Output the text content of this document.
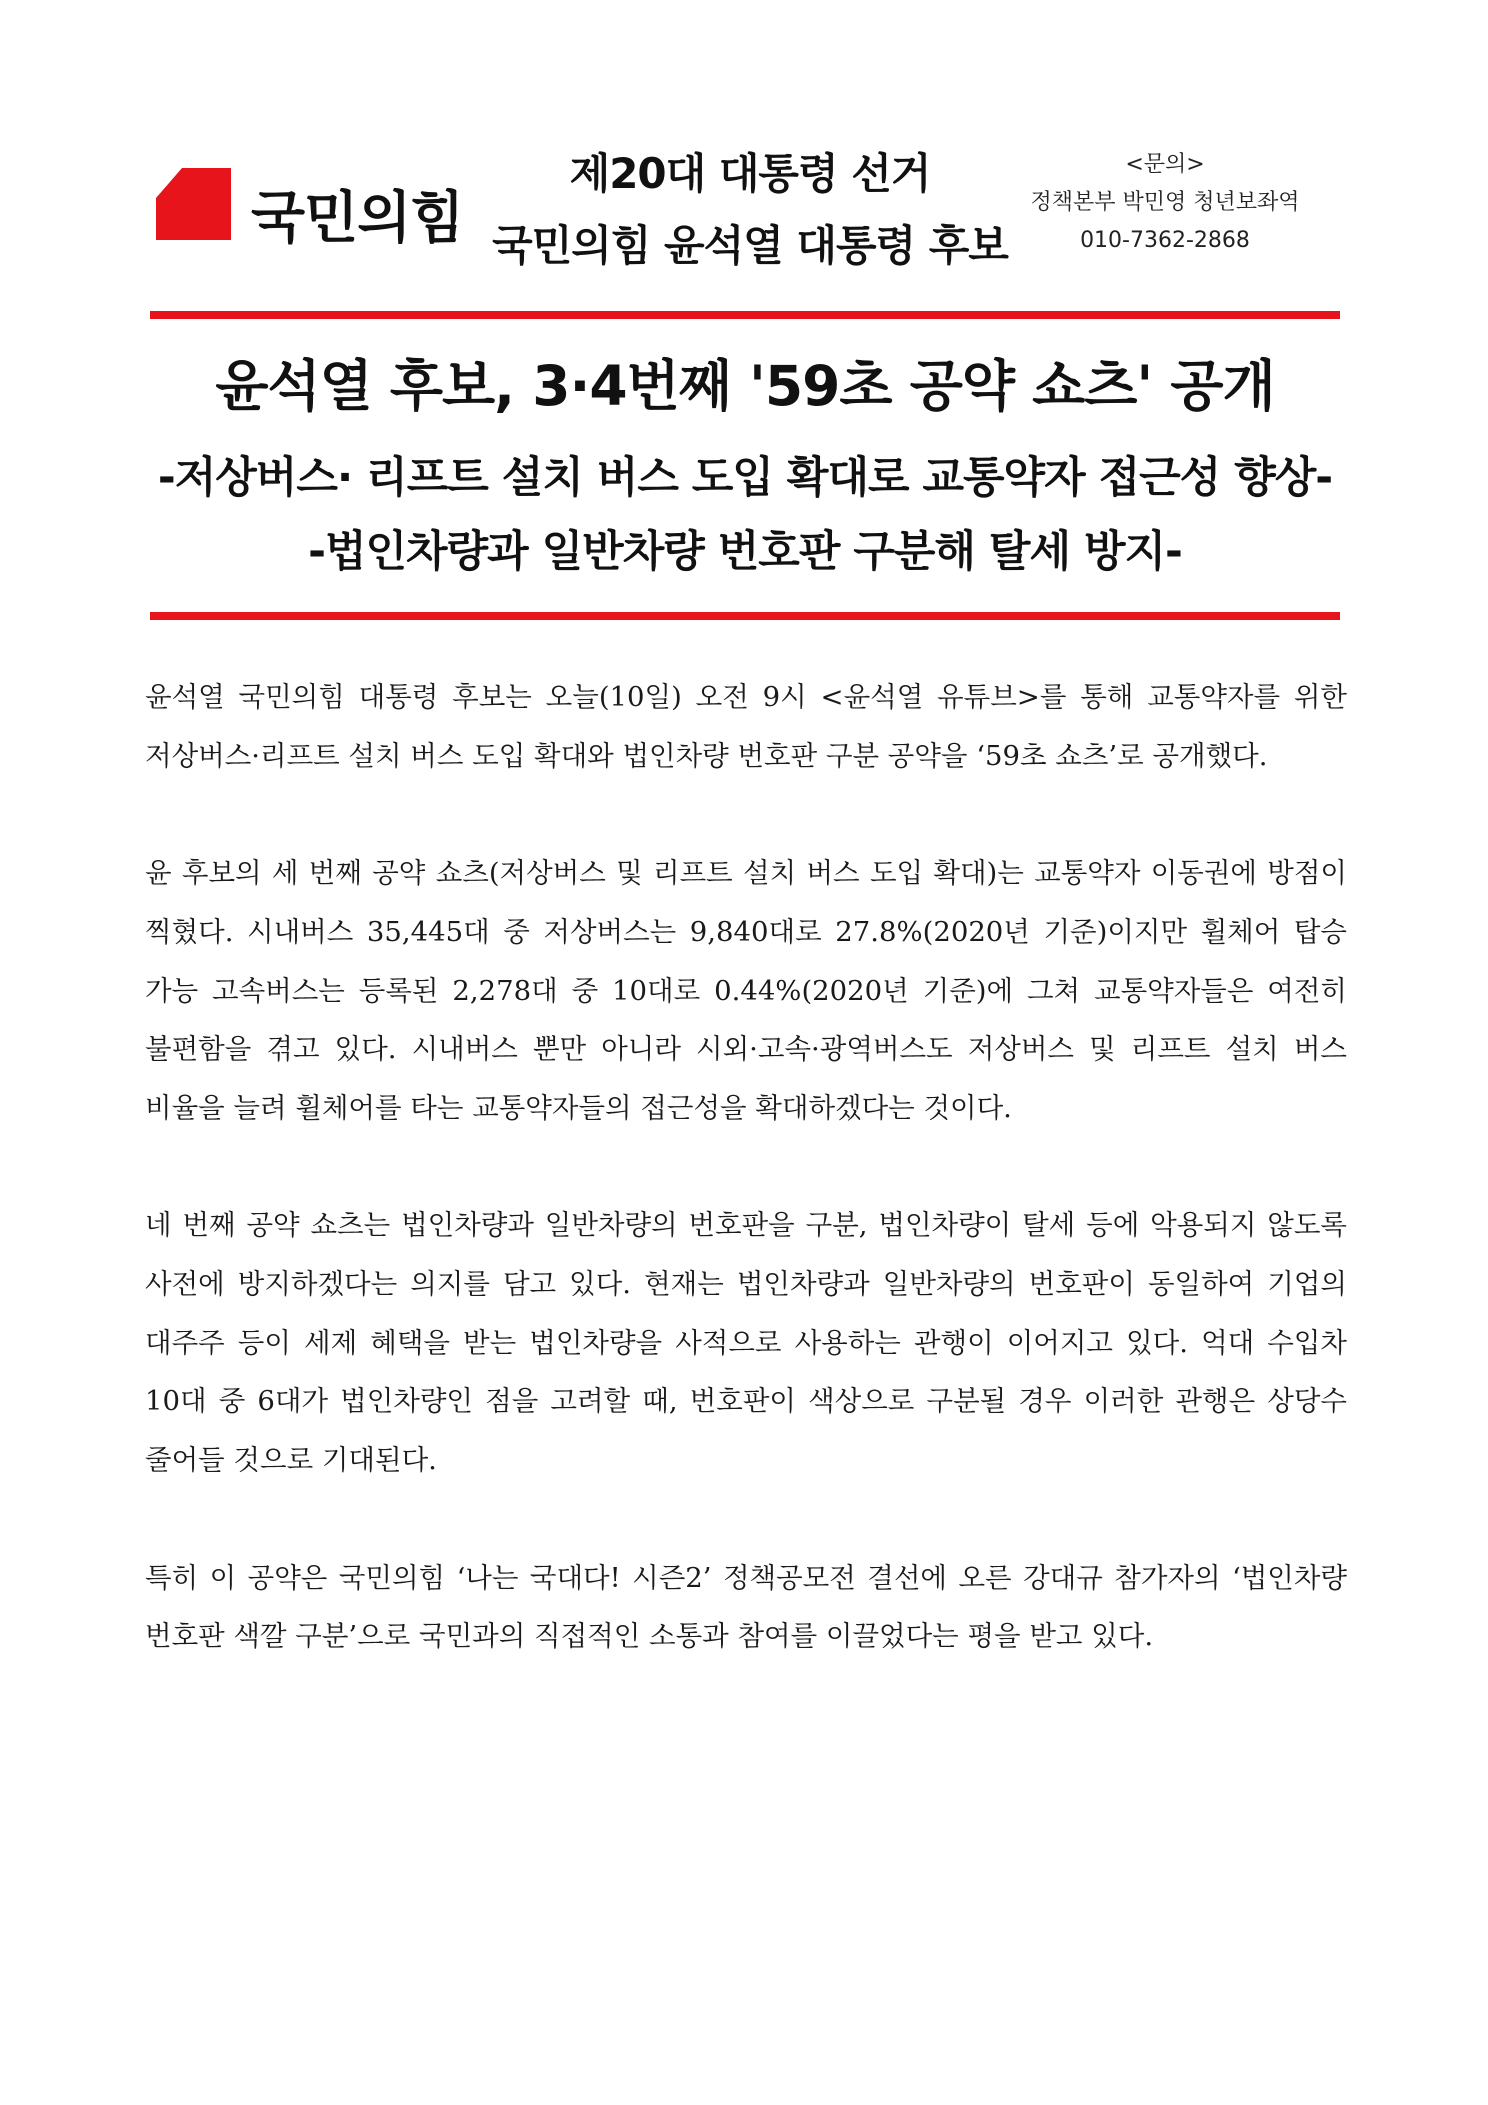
국민의힘
제20대 대통령 선거
국민의힘 윤석열 대통령 후보
<문의>
정책본부 박민영 청년보좌역
010-7362-2868
윤석열 후보, 3·4번째 '59초 공약 쇼츠' 공개
-저상버스· 리프트 설치 버스 도입 확대로 교통약자 접근성 향상-
-법인차량과 일반차량 번호판 구분해 탈세 방지-

윤석열 국민의힘 대통령 후보는 오늘(10일) 오전 9시 <윤석열 유튜브>를 통해 교통약자를 위한 저상버스·리프트 설치 버스 도입 확대와 법인차량 번호판 구분 공약을 ‘59초 쇼츠’로 공개했다.

윤 후보의 세 번째 공약 쇼츠(저상버스 및 리프트 설치 버스 도입 확대)는 교통약자 이동권에 방점이 찍혔다. 시내버스 35,445대 중 저상버스는 9,840대로 27.8%(2020년 기준)이지만 휠체어 탑승 가능 고속버스는 등록된 2,278대 중 10대로 0.44%(2020년 기준)에 그쳐 교통약자들은 여전히 불편함을 겪고 있다. 시내버스 뿐만 아니라 시외·고속·광역버스도 저상버스 및 리프트 설치 버스 비율을 늘려 휠체어를 타는 교통약자들의 접근성을 확대하겠다는 것이다.

네 번째 공약 쇼츠는 법인차량과 일반차량의 번호판을 구분, 법인차량이 탈세 등에 악용되지 않도록 사전에 방지하겠다는 의지를 담고 있다. 현재는 법인차량과 일반차량의 번호판이 동일하여 기업의 대주주 등이 세제 혜택을 받는 법인차량을 사적으로 사용하는 관행이 이어지고 있다. 억대 수입차 10대 중 6대가 법인차량인 점을 고려할 때, 번호판이 색상으로 구분될 경우 이러한 관행은 상당수 줄어들 것으로 기대된다.

특히 이 공약은 국민의힘 ‘나는 국대다! 시즌2’ 정책공모전 결선에 오른 강대규 참가자의 ‘법인차량 번호판 색깔 구분’으로 국민과의 직접적인 소통과 참여를 이끌었다는 평을 받고 있다.
